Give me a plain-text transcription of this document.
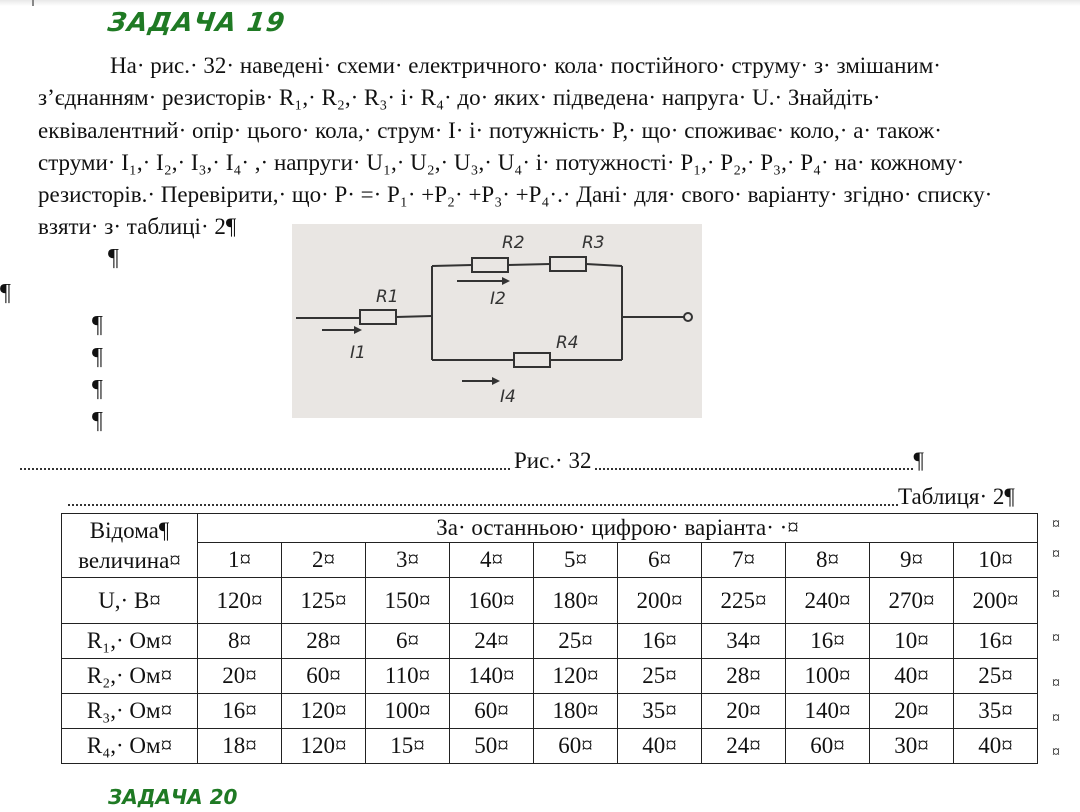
ЗАДАЧА 19
На· рис.· 32· наведені· схеми· електричного· кола· постійного· струму· з· змішаним·
з’єднанням· резисторів· R₁,· R₂,· R₃· і· R₄· до· яких· підведена· напруга· U.· Знайдіть·
еквівалентний· опір· цього· кола,· струм· I· і· потужність· P,· що· споживає· коло,· а· також·
струми· I₁,· I₂,· I₃,· I₄· ,· напруги· U₁,· U₂,· U₃,· U₄· і· потужності· P₁,· P₂,· P₃,· P₄· на· кожному·
резисторів.· Перевірити,· що· P· =· P₁· +P₂· +P₃· +P₄·.· Дані· для· свого· варіанту· згідно· списку·
взяти· з· таблиці· 2¶
¶
¶
¶
¶
¶
¶
R1
R2	R3
R4
I1
I2
I4
Рис.· 32	¶
Таблиця· 2¶
Відома¶
величина¤	За· останньою· цифрою· варіанта· ·¤									
	1¤	2¤	3¤	4¤	5¤	6¤	7¤	8¤	9¤	10¤
U,· В¤	120¤	125¤	150¤	160¤	180¤	200¤	225¤	240¤	270¤	200¤
R₁,· Ом¤	8¤	28¤	6¤	24¤	25¤	16¤	34¤	16¤	10¤	16¤
R₂,· Ом¤	20¤	60¤	110¤	140¤	120¤	25¤	28¤	100¤	40¤	25¤
R₃,· Ом¤	16¤	120¤	100¤	60¤	180¤	35¤	20¤	140¤	20¤	35¤
R₄,· Ом¤	18¤	120¤	15¤	50¤	60¤	40¤	24¤	60¤	30¤	40¤
¤
¤
¤
¤
¤
¤
¤
ЗАДАЧА 20
